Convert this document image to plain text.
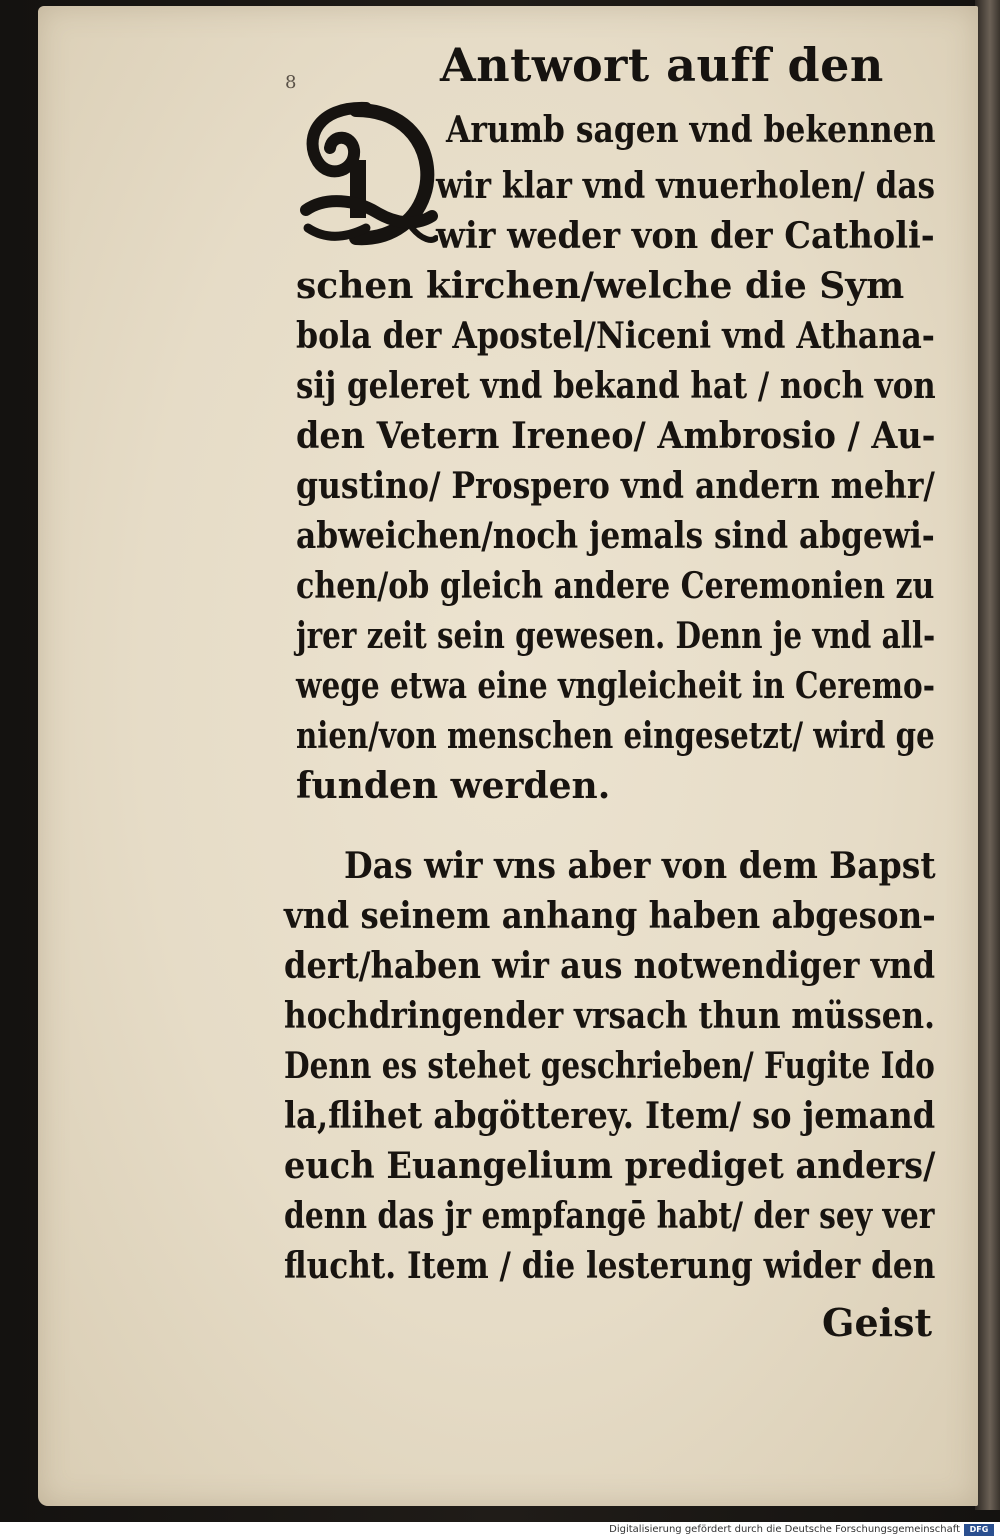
8	Antwort auff den

Arumb sagen vnd bekennen

wir klar vnd vnuerholen/ das

wir weder von der Catholi-

schen kirchen/welche die Sym

bola der Apostel/Niceni vnd Athana-

sij geleret vnd bekand hat / noch von

den Vetern Ireneo/ Ambrosio / Au-

gustino/ Prospero vnd andern mehr/

abweichen/noch jemals sind abgewi-

chen/ob gleich andere Ceremonien zu

jrer zeit sein gewesen. Denn je vnd all-

wege etwa eine vngleicheit in Ceremo-

nien/von menschen eingesetzt/ wird ge

funden werden.

Das wir vns aber von dem Bapst

vnd seinem anhang haben abgeson-

dert/haben wir aus notwendiger vnd

hochdringender vrsach thun müssen.

Denn es stehet geschrieben/ Fugite Ido

la,flihet abgötterey. Item/ so jemand

euch Euangelium prediget anders/

denn das jr empfangē habt/ der sey ver

flucht. Item / die lesterung wider den

Geist
Digitalisierung gefördert durch die Deutsche Forschungsgemeinschaft	DFG
